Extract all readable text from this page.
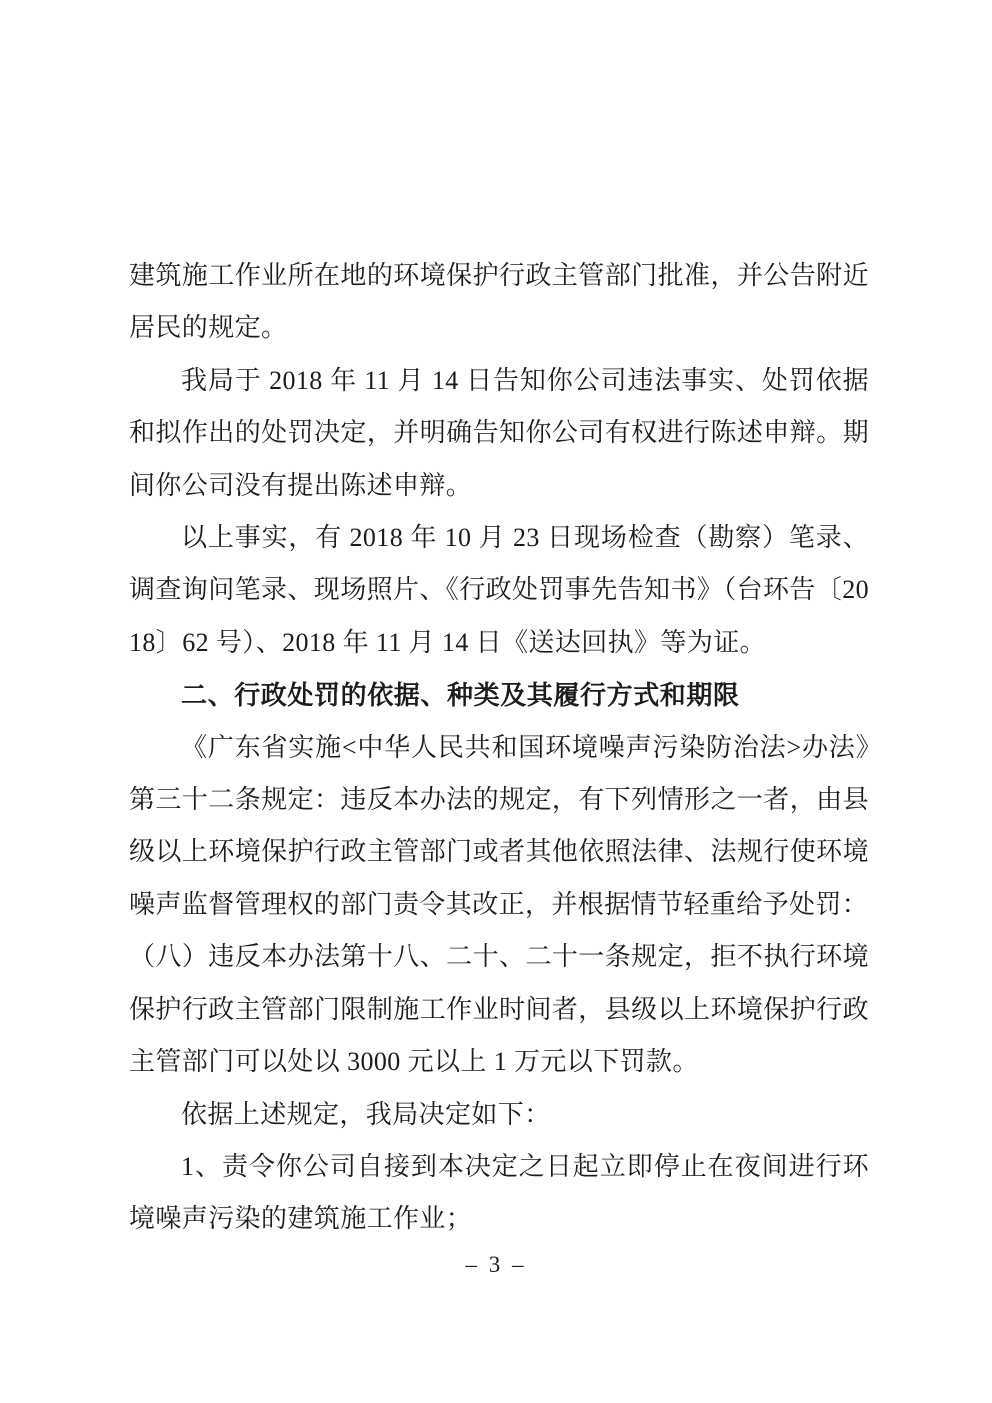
建筑施工作业所在地的环境保护行政主管部门批准，并公告附近居民的规定。

我局于 2018 年 11 月 14 日告知你公司违法事实、处罚依据和拟作出的处罚决定，并明确告知你公司有权进行陈述申辩。期间你公司没有提出陈述申辩。

以上事实，有 2018 年 10 月 23 日现场检查（勘察）笔录、调查询问笔录、现场照片、《行政处罚事先告知书》（台环告〔2018〕62 号）、2018 年 11 月 14 日《送达回执》等为证。

二、行政处罚的依据、种类及其履行方式和期限

《广东省实施<中华人民共和国环境噪声污染防治法>办法》第三十二条规定：违反本办法的规定，有下列情形之一者，由县级以上环境保护行政主管部门或者其他依照法律、法规行使环境噪声监督管理权的部门责令其改正，并根据情节轻重给予处罚：

（八）违反本办法第十八、二十、二十一条规定，拒不执行环境保护行政主管部门限制施工作业时间者，县级以上环境保护行政主管部门可以处以 3000 元以上 1 万元以下罚款。

依据上述规定，我局决定如下：

1、责令你公司自接到本决定之日起立即停止在夜间进行环境噪声污染的建筑施工作业；

– 3 –
